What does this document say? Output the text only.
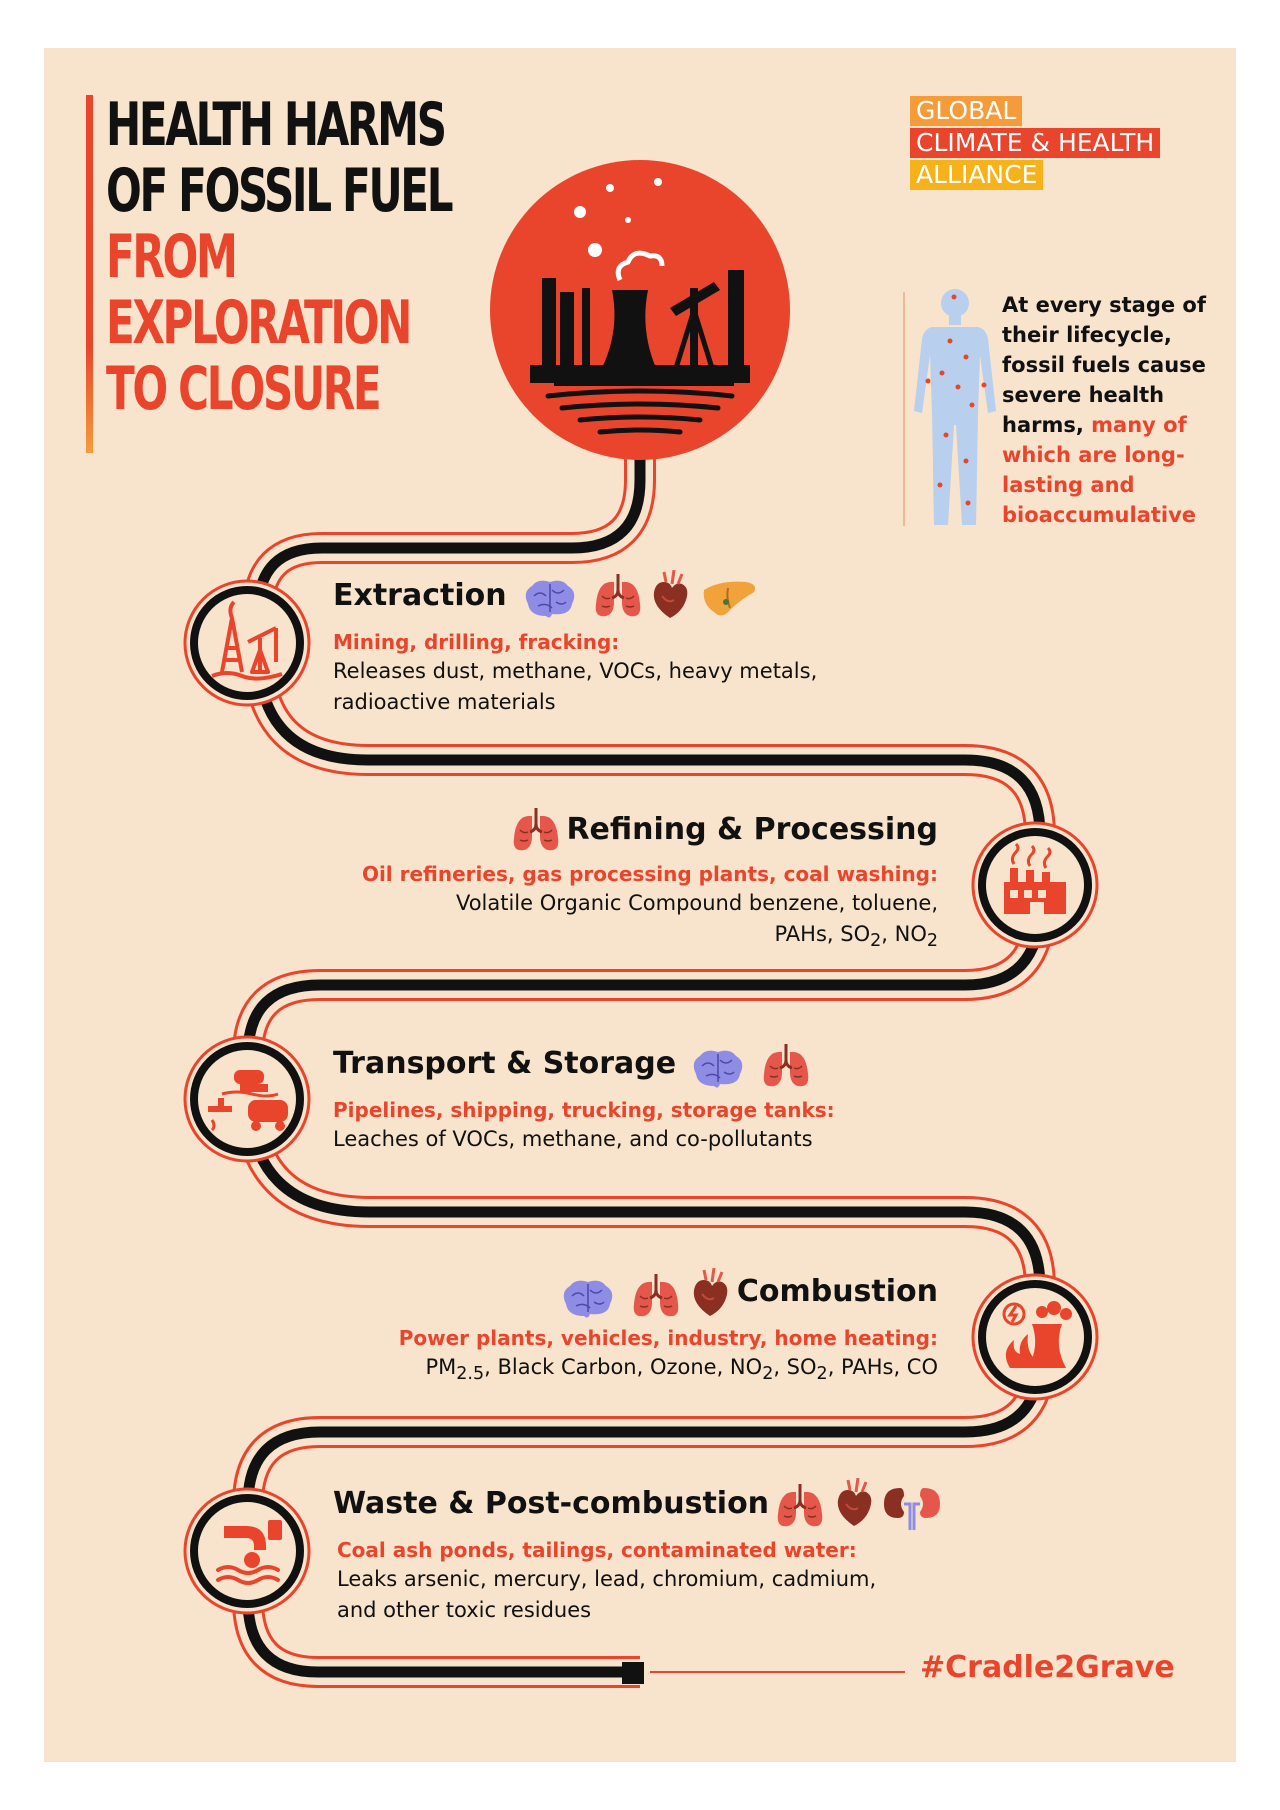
HEALTH HARMS
OF FOSSIL FUEL
FROM
EXPLORATION
TO CLOSURE
GLOBAL
CLIMATE & HEALTH
ALLIANCE
At every stage of their lifecycle, fossil fuels cause severe health harms, many of which are long-lasting and bioaccumulative
Extraction
Mining, drilling, fracking:
Releases dust, methane, VOCs, heavy metals, radioactive materials
Refining & Processing
Oil refineries, gas processing plants, coal washing:
Volatile Organic Compound benzene, toluene,
PAHs, $SO_2$, $NO_2$
Transport & Storage
Pipelines, shipping, trucking, storage tanks:
Leaches of VOCs, methane, and co-pollutants
Combustion
Power plants, vehicles, industry, home heating:
$PM_{2.5}$, Black Carbon, Ozone, $NO_2$, $SO_2$, PAHs, CO
Waste & Post-combustion
Coal ash ponds, tailings, contaminated water:
Leaks arsenic, mercury, lead, chromium, cadmium, and other toxic residues
#Cradle2Grave
